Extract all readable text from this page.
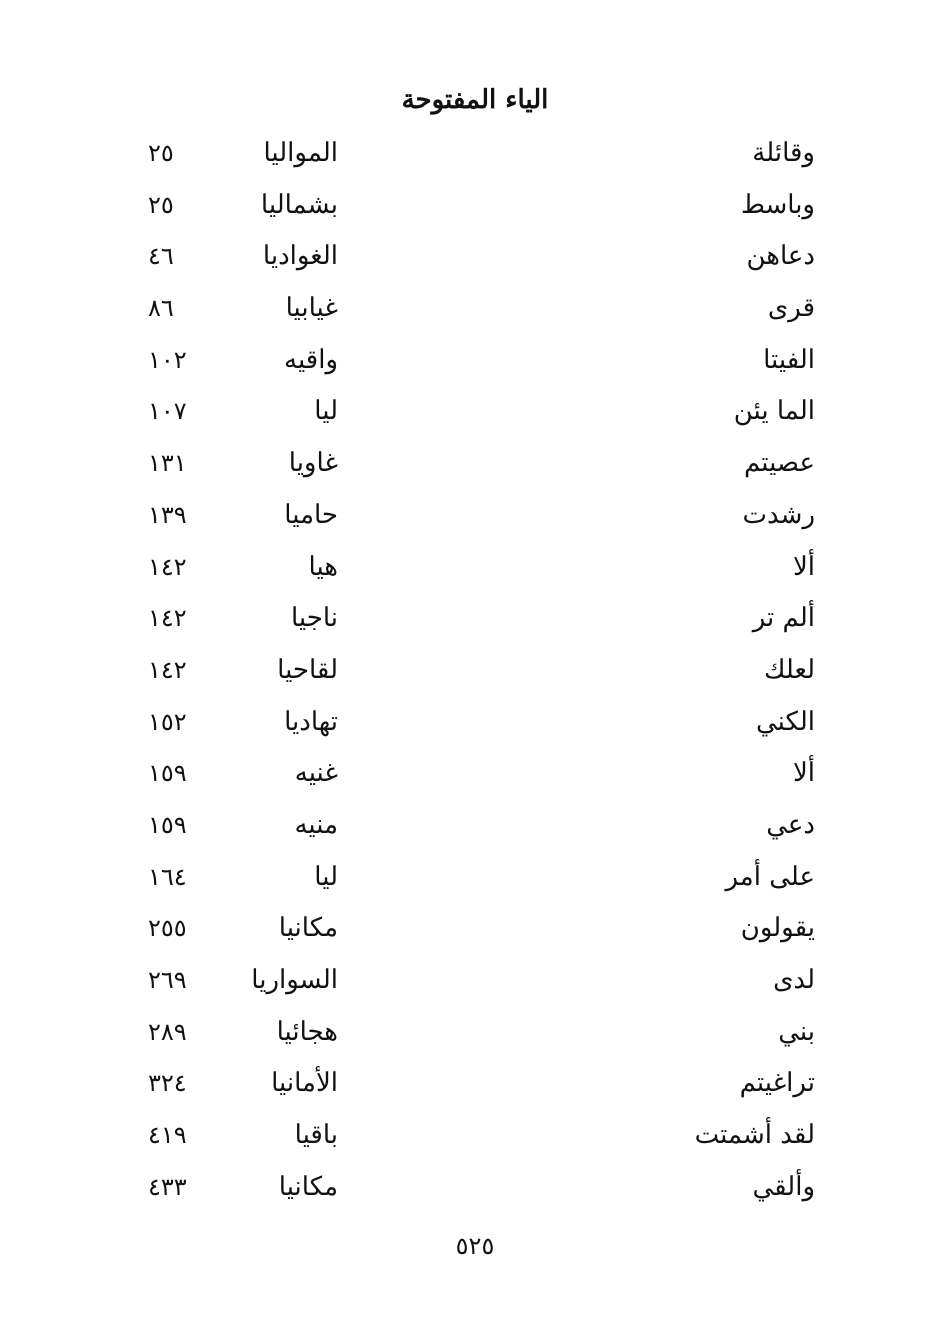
الياء المفتوحة
وقائلة
المواليا
٢٥
وباسط
بشماليا
٢٥
دعاهن
الغواديا
٤٦
قرى
غيابيا
٨٦
الفيتا
واقيه
١٠٢
الما يئن
ليا
١٠٧
عصيتم
غاويا
١٣١
رشدت
حاميا
١٣٩
ألا
هيا
١٤٢
ألم تر
ناجيا
١٤٢
لعلك
لقاحيا
١٤٢
الكني
تهاديا
١٥٢
ألا
غنيه
١٥٩
دعي
منيه
١٥٩
على أمر
ليا
١٦٤
يقولون
مكانيا
٢٥٥
لدى
السواريا
٢٦٩
بني
هجائيا
٢٨٩
تراغيتم
الأمانيا
٣٢٤
لقد أشمتت
باقيا
٤١٩
وألقي
مكانيا
٤٣٣
٥٢٥
